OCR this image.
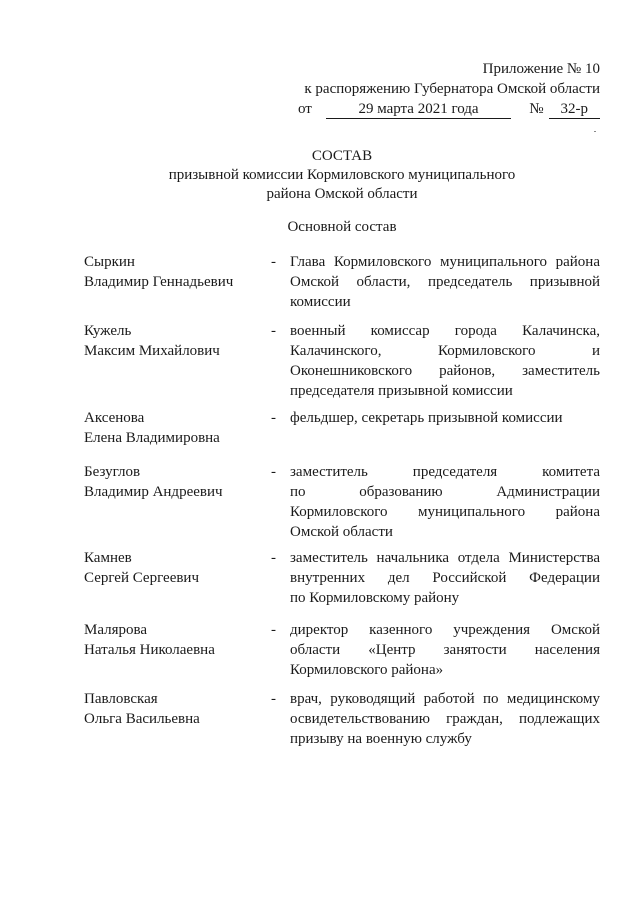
Приложение № 10
к распоряжению Губернатора Омской области
от	29 марта 2021 года	№	32-р
СОСТАВ
призывной комиссии Кормиловского муниципального
района Омской области
Основной состав
Сыркин
Владимир Геннадьевич
- Глава Кормиловского муниципального района
Омской области, председатель призывной
комиссии
Кужель
Максим Михайлович
- военный комиссар города Калачинска,
Калачинского, Кормиловского и
Оконешниковского районов, заместитель
председателя призывной комиссии
Аксенова
Елена Владимировна
- фельдшер, секретарь призывной комиссии
Безуглов
Владимир Андреевич
- заместитель председателя комитета
по образованию Администрации
Кормиловского муниципального района
Омской области
Камнев
Сергей Сергеевич
- заместитель начальника отдела Министерства
внутренних дел Российской Федерации
по Кормиловскому району
Малярова
Наталья Николаевна
- директор казенного учреждения Омской
области «Центр занятости населения
Кормиловского района»
Павловская
Ольга Васильевна
- врач, руководящий работой по медицинскому
освидетельствованию граждан, подлежащих
призыву на военную службу
